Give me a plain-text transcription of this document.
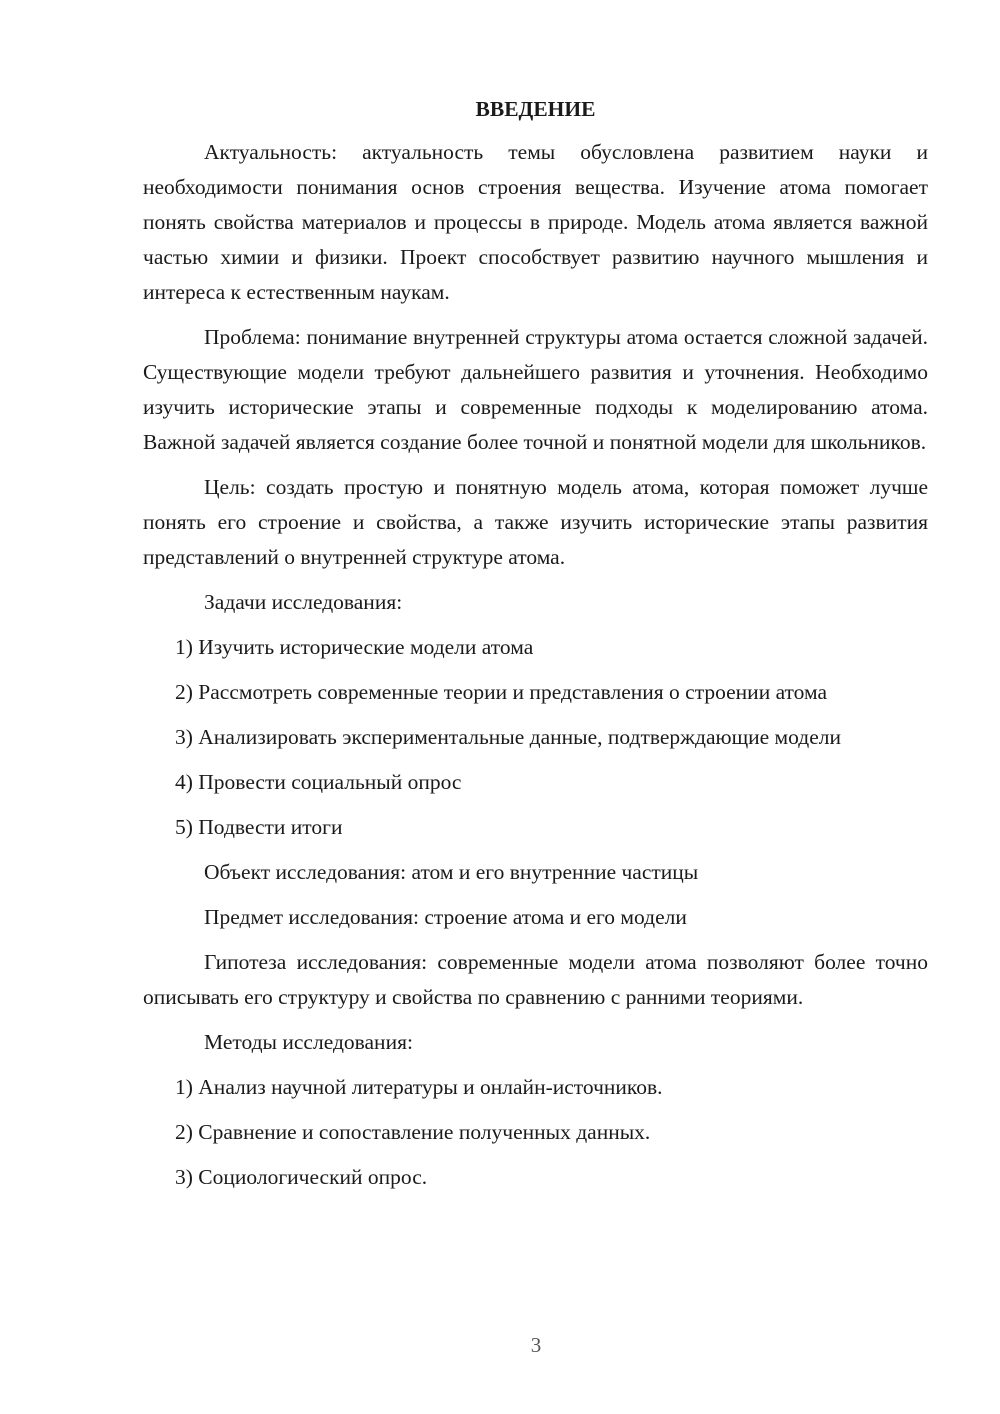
ВВЕДЕНИЕ

Актуальность: актуальность темы обусловлена развитием науки и необходимости понимания основ строения вещества. Изучение атома помогает понять свойства материалов и процессы в природе. Модель атома является важной частью химии и физики. Проект способствует развитию научного мышления и интереса к естественным наукам.

Проблема: понимание внутренней структуры атома остается сложной задачей. Существующие модели требуют дальнейшего развития и уточнения. Необходимо изучить исторические этапы и современные подходы к моделированию атома. Важной задачей является создание более точной и понятной модели для школьников.

Цель: создать простую и понятную модель атома, которая поможет лучше понять его строение и свойства, а также изучить исторические этапы развития представлений о внутренней структуре атома.

Задачи исследования:

1) Изучить исторические модели атома

2) Рассмотреть современные теории и представления о строении атома

3) Анализировать экспериментальные данные, подтверждающие модели

4) Провести социальный опрос

5) Подвести итоги

Объект исследования: атом и его внутренние частицы

Предмет исследования: строение атома и его модели

Гипотеза исследования: современные модели атома позволяют более точно описывать его структуру и свойства по сравнению с ранними теориями.

Методы исследования:

1) Анализ научной литературы и онлайн-источников.

2) Сравнение и сопоставление полученных данных.

3) Социологический опрос.

3
